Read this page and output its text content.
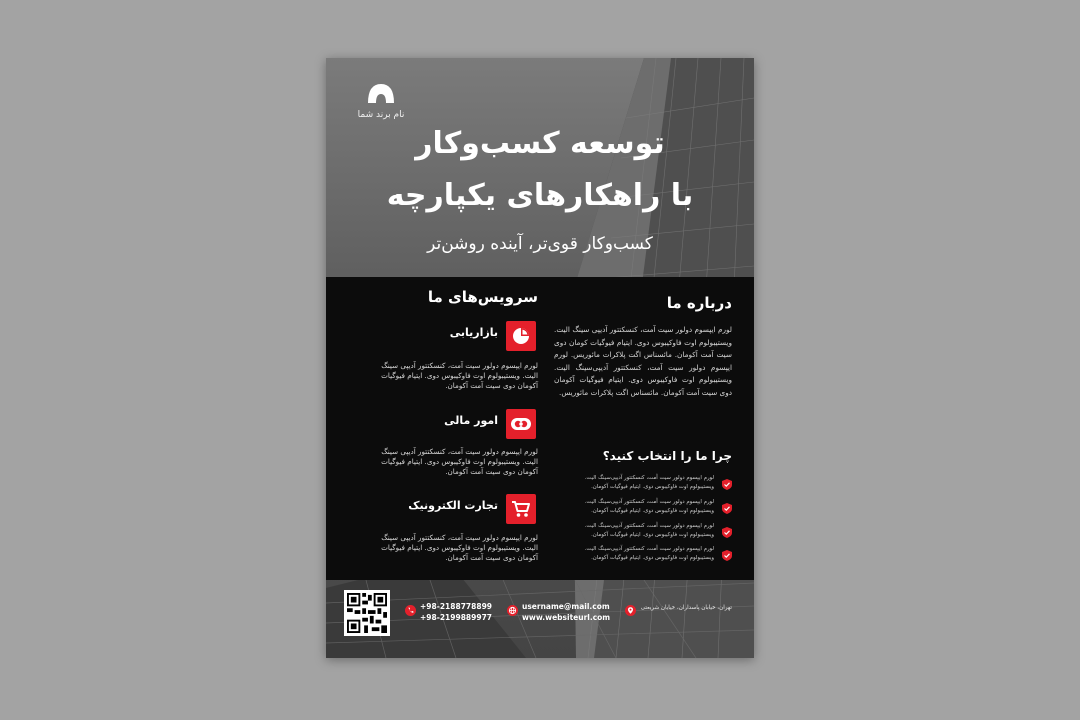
نام برند شما
توسعه کسب‌وکار
با راهکارهای یکپارچه
کسب‌وکار قوی‌تر، آینده روشن‌تر
درباره ما
لورم ایپسوم دولور سیت آمت، کنسکتتور آدیپی سینگ الیت. ویستیبولوم اوت فاوکیبوس دوی. ایتیام فیوگیات کومان دوی سیت آمت آکومان. مائسناس اگت پلاکرات مائوریس. لورم ایپسوم دولور سیت آمت، کنسکتتور آدیپی‌سینگ الیت. ویستیبولوم اوت فاوکیبوس دوی. ایتیام فیوگیات آکومان دوی سیت آمت آکومان. مائسناس اگت پلاکرات مائوریس.
چرا ما را انتخاب کنید؟
لورم ایپسوم دولور سیت آمت، کنسکتتور آدیپی‌سینگ الیت. ویستیبولوم اوت فاوکیبوس دوی. ایتیام فیوگیات آکومان.
لورم ایپسوم دولور سیت آمت، کنسکتتور آدیپی‌سینگ الیت. ویستیبولوم اوت فاوکیبوس دوی. ایتیام فیوگیات آکومان.
لورم ایپسوم دولور سیت آمت، کنسکتتور آدیپی‌سینگ الیت. ویستیبولوم اوت فاوکیبوس دوی. ایتیام فیوگیات آکومان.
لورم ایپسوم دولور سیت آمت، کنسکتتور آدیپی‌سینگ الیت. ویستیبولوم اوت فاوکیبوس دوی. ایتیام فیوگیات آکومان.
سرویس‌های ما
بازاریابی
لورم ایپسوم دولور سیت آمت، کنسکتتور آدیپی سینگ الیت. ویستیبولوم اوت فاوکیبوس دوی. ایتیام فیوگیات آکومان دوی سیت آمت آکومان.
امور مالی
لورم ایپسوم دولور سیت آمت، کنسکتتور آدیپی سینگ الیت. ویستیبولوم اوت فاوکیبوس دوی. ایتیام فیوگیات آکومان دوی سیت آمت آکومان.
تجارت الکترونیک
لورم ایپسوم دولور سیت آمت، کنسکتتور آدیپی سینگ الیت. ویستیبولوم اوت فاوکیبوس دوی. ایتیام فیوگیات آکومان دوی سیت آمت آکومان.
+98-2188778899
+98-2199889977
username@mail.com
www.websiteurl.com
تهران، خیابان پاسداران، خیابان شریعتی
